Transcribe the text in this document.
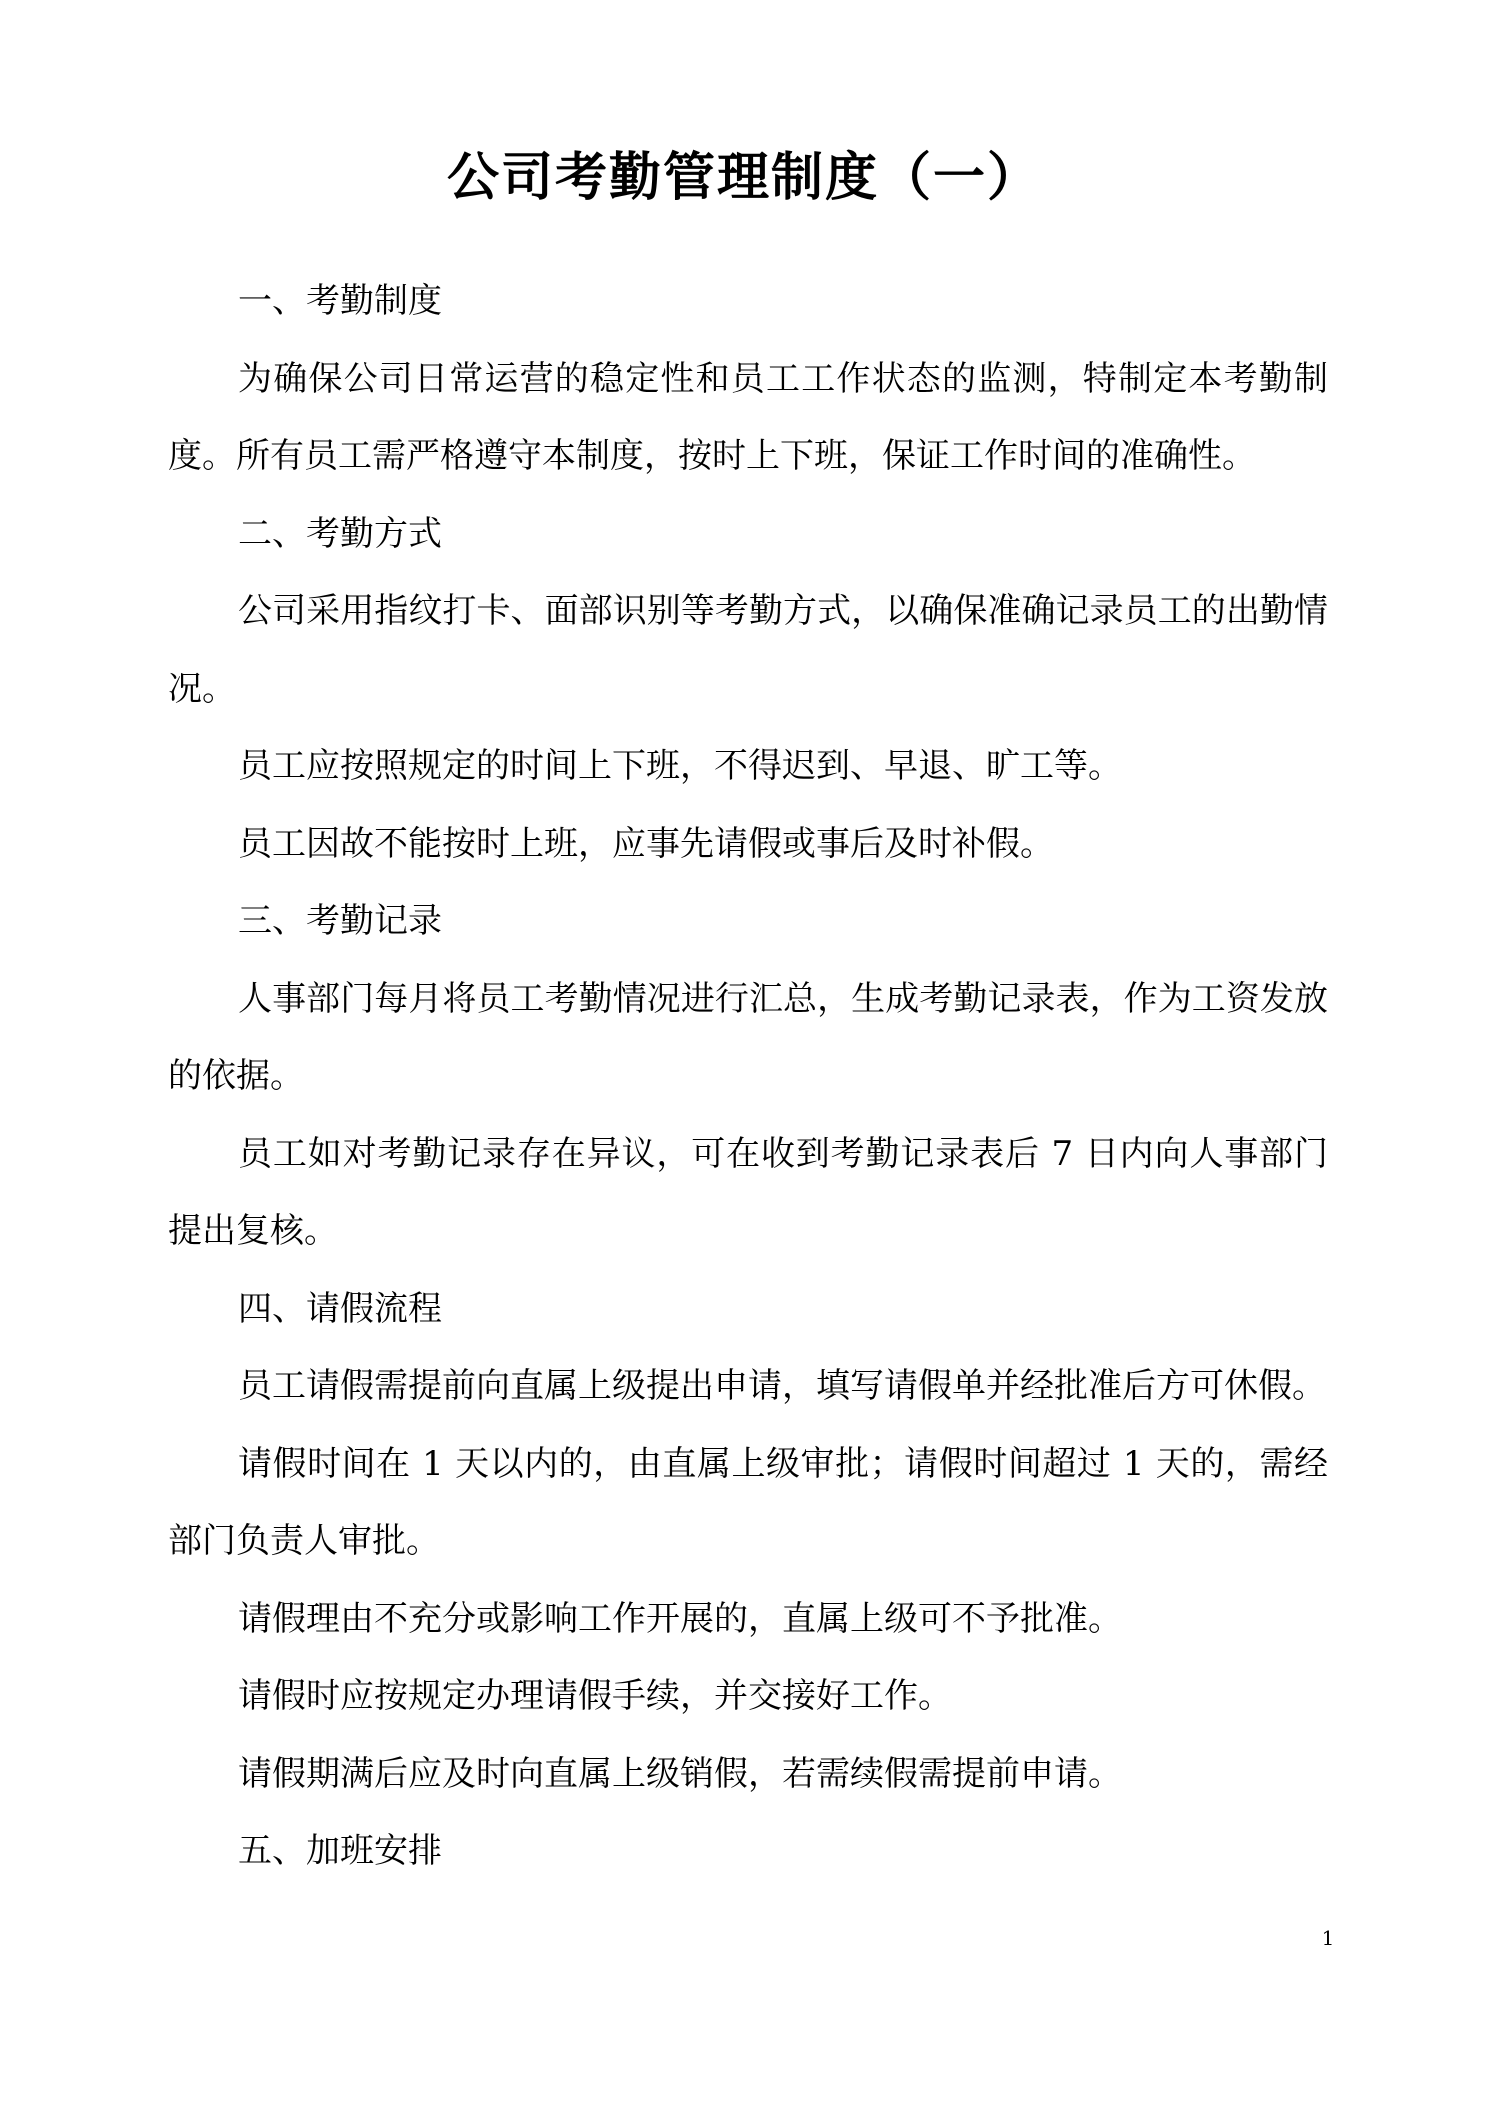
公司考勤管理制度（一）

一、考勤制度

为确保公司日常运营的稳定性和员工工作状态的监测，特制定本考勤制度。所有员工需严格遵守本制度，按时上下班，保证工作时间的准确性。

二、考勤方式

公司采用指纹打卡、面部识别等考勤方式，以确保准确记录员工的出勤情况。

员工应按照规定的时间上下班，不得迟到、早退、旷工等。

员工因故不能按时上班，应事先请假或事后及时补假。

三、考勤记录

人事部门每月将员工考勤情况进行汇总，生成考勤记录表，作为工资发放的依据。

员工如对考勤记录存在异议，可在收到考勤记录表后 7 日内向人事部门提出复核。

四、请假流程

员工请假需提前向直属上级提出申请，填写请假单并经批准后方可休假。

请假时间在 1 天以内的，由直属上级审批；请假时间超过 1 天的，需经部门负责人审批。

请假理由不充分或影响工作开展的，直属上级可不予批准。

请假时应按规定办理请假手续，并交接好工作。

请假期满后应及时向直属上级销假，若需续假需提前申请。

五、加班安排

1
